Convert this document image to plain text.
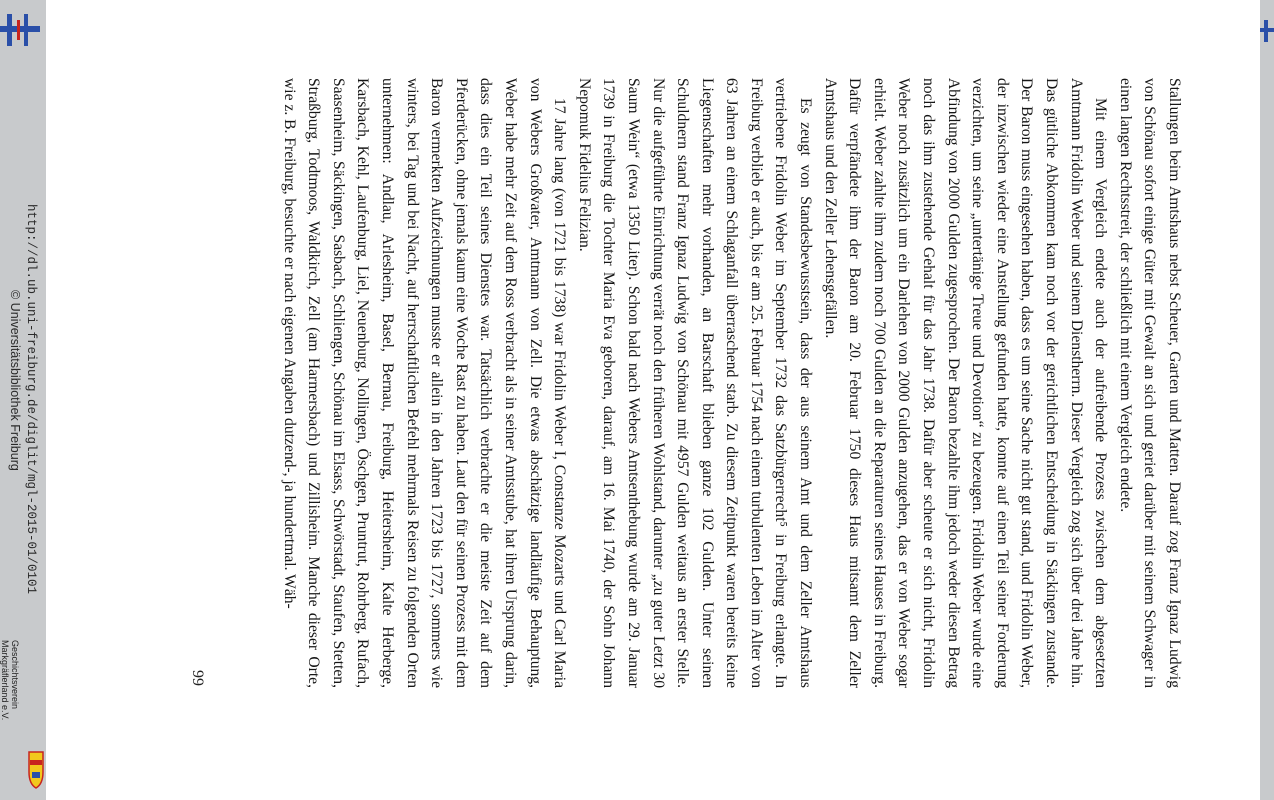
Stallungen beim Amtshaus nebst Scheuer, Garten und Matten. Darauf zog Franz Ignaz Ludwig von Schönau sofort einige Güter mit Gewalt an sich und geriet darüber mit seinem Schwager in einen langen Rechtsstreit, der schließlich mit einem Vergleich endete.

Mit einem Vergleich endete auch der aufreibende Prozess zwischen dem abgesetzten Amtmann Fridolin Weber und seinem Dienstherrn. Dieser Vergleich zog sich über drei Jahre hin. Das gütliche Abkommen kam noch vor der gerichtlichen Entscheidung in Säckingen zustande. Der Baron muss eingesehen haben, dass es um seine Sache nicht gut stand, und Fridolin Weber, der inzwischen wieder eine Anstellung gefunden hatte, konnte auf einen Teil seiner Forderung verzichten, um seine „untertänige Treue und Devotion“ zu bezeugen. Fridolin Weber wurde eine Abfindung von 2000 Gulden zugesprochen. Der Baron bezahlte ihm jedoch weder diesen Betrag noch das ihm zustehende Gehalt für das Jahr 1738. Dafür aber scheute er sich nicht, Fridolin Weber noch zusätzlich um ein Darlehen von 2000 Gulden anzugehen, das er von Weber sogar erhielt. Weber zahlte ihm zudem noch 700 Gulden an die Reparaturen seines Hauses in Freiburg. Dafür verpfändete ihm der Baron am 20. Februar 1750 dieses Haus mitsamt dem Zeller Amtshaus und den Zeller Lehensgefällen.

Es zeugt von Standesbewusstsein, dass der aus seinem Amt und dem Zeller Amtshaus vertriebene Fridolin Weber im September 1732 das Satzbürgerrecht⁵ in Freiburg erlangte. In Freiburg verblieb er auch, bis er am 25. Februar 1754 nach einem turbulenten Leben im Alter von 63 Jahren an einem Schlaganfall überraschend starb. Zu diesem Zeitpunkt waren bereits keine Liegenschaften mehr vorhanden, an Barschaft blieben ganze 102 Gulden. Unter seinen Schuldnern stand Franz Ignaz Ludwig von Schönau mit 4957 Gulden weitaus an erster Stelle. Nur die aufgeführte Einrichtung verrät noch den früheren Wohlstand, darunter „zu guter Letzt 30 Saum Wein“ (etwa 1350 Liter). Schon bald nach Webers Amtsenthebung wurde am 29. Januar 1739 in Freiburg die Tochter Maria Eva geboren, darauf, am 16. Mai 1740, der Sohn Johann Nepomuk Fidelius Felizian.

17 Jahre lang (von 1721 bis 1738) war Fridolin Weber I, Constanze Mozarts und Carl Maria von Webers Großvater, Amtmann von Zell. Die etwas abschätzige landläufige Behauptung, Weber habe mehr Zeit auf dem Ross verbracht als in seiner Amtsstube, hat ihren Ursprung darin, dass dies ein Teil seines Dienstes war. Tatsächlich verbrachte er die meiste Zeit auf dem Pferderücken, ohne jemals kaum eine Woche Rast zu haben. Laut den für seinen Prozess mit dem Baron vermerkten Aufzeichnungen musste er allein in den Jahren 1723 bis 1727, sommers wie winters, bei Tag und bei Nacht, auf herrschaftlichen Befehl mehrmals Reisen zu folgenden Orten unternehmen: Andlau, Arlesheim, Basel, Bernau, Freiburg, Heitersheim, Kalte Herberge, Karsbach, Kehl, Laufenburg, Liel, Neuenburg, Nollingen, Öschgen, Pruntrut, Rohrberg, Rufach, Saasenheim, Säckingen, Sasbach, Schliengen, Schönau im Elsass, Schwörstadt, Staufen, Stetten, Straßburg, Todtmoos, Waldkirch, Zell (am Harmersbach) und Zillisheim. Manche dieser Orte, wie z. B. Freiburg, besuchte er nach eigenen Angaben dutzend-, ja hundertmal. Wäh-

99
http://dl.ub.uni-freiburg.de/diglit/mgl-2015-01/0101
© Universitätsbibliothek Freiburg
Geschichtsverein
Markgräflerland e.V.
